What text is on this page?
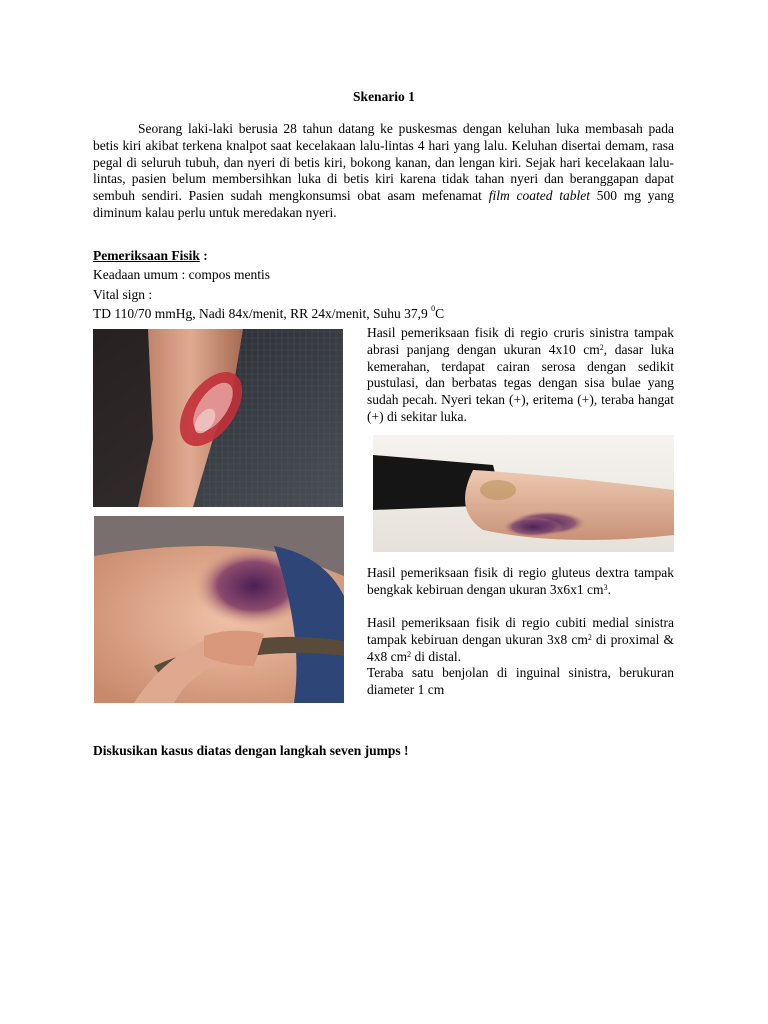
Skenario 1
Seorang laki-laki berusia 28 tahun datang ke puskesmas dengan keluhan luka membasah pada betis kiri akibat terkena knalpot saat kecelakaan lalu-lintas 4 hari yang lalu. Keluhan disertai demam, rasa pegal di seluruh tubuh, dan nyeri di betis kiri, bokong kanan, dan lengan kiri. Sejak hari kecelakaan lalu-lintas, pasien belum membersihkan luka di betis kiri karena tidak tahan nyeri dan beranggapan dapat sembuh sendiri. Pasien sudah mengkonsumsi obat asam mefenamat film coated tablet 500 mg yang diminum kalau perlu untuk meredakan nyeri.
Pemeriksaan Fisik :
Keadaan umum : compos mentis
Vital sign :
TD 110/70 mmHg, Nadi 84x/menit, RR 24x/menit, Suhu 37,9 $^0$C
Hasil pemeriksaan fisik di regio cruris sinistra tampak abrasi panjang dengan ukuran 4x10 $cm^2$, dasar luka kemerahan, terdapat cairan serosa dengan sedikit pustulasi, dan berbatas tegas dengan sisa bulae yang sudah pecah. Nyeri tekan (+), eritema (+), teraba hangat (+) di sekitar luka.
Hasil pemeriksaan fisik di regio gluteus dextra tampak bengkak kebiruan dengan ukuran 3x6x1 $cm^3$.
Hasil pemeriksaan fisik di regio cubiti medial sinistra tampak kebiruan dengan ukuran 3x8 $cm^2$ di proximal & 4x8 $cm^2$ di distal.
Teraba satu benjolan di inguinal sinistra, berukuran diameter 1 cm
Diskusikan kasus diatas dengan langkah seven jumps !
